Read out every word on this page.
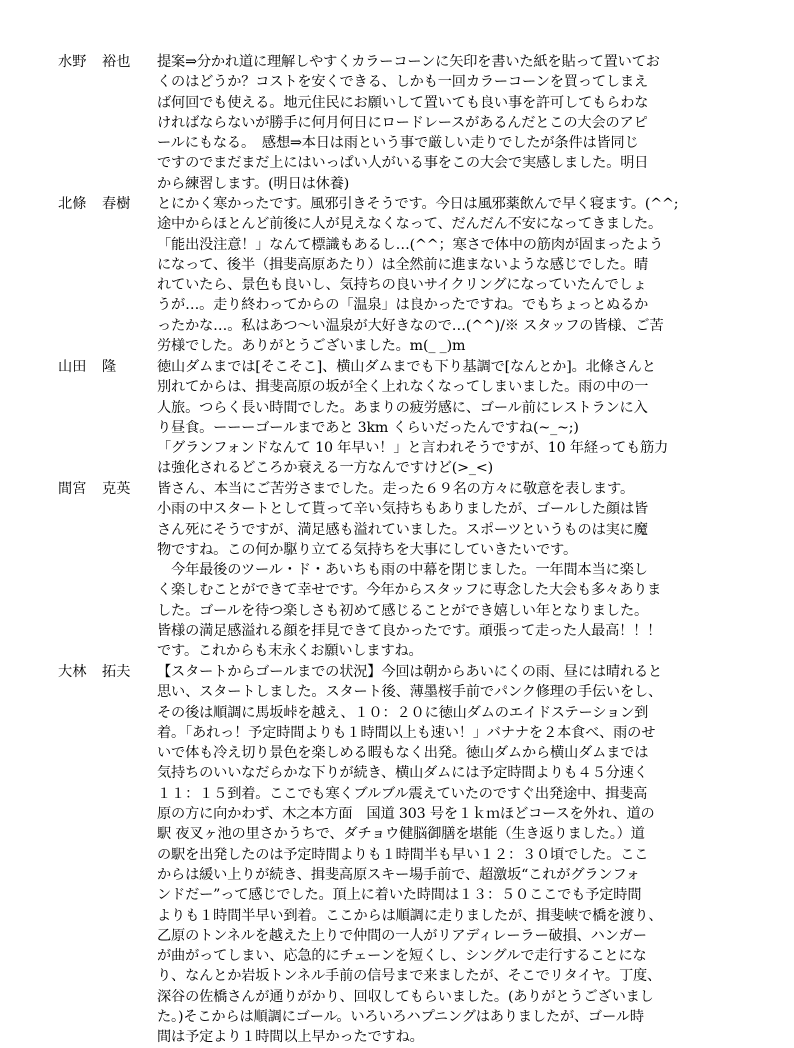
水野 裕也	提案⇒分かれ道に理解しやすくカラーコーンに矢印を書いた紙を貼って置いてお
くのはどうか？コストを安くできる、しかも一回カラーコーンを買ってしまえ
ば何回でも使える。地元住民にお願いして置いても良い事を許可してもらわな
ければならないが勝手に何月何日にロードレースがあるんだとこの大会のアピ
ールにもなる。　感想⇒本日は雨という事で厳しい走りでしたが条件は皆同じ
ですのでまだまだ上にはいっぱい人がいる事をこの大会で実感しました。明日
から練習します。(明日は休養)
北條 春樹	とにかく寒かったです。風邪引きそうです。今日は風邪薬飲んで早く寝ます。(^^;
途中からほとんど前後に人が見えなくなって、だんだん不安になってきました。
「能出没注意！」なんて標識もあるし…(^^；寒さで体中の筋肉が固まったよう
になって、後半（揖斐高原あたり）は全然前に進まないような感じでした。晴
れていたら、景色も良いし、気持ちの良いサイクリングになっていたんでしょ
うが…。走り終わってからの「温泉」は良かったですね。でもちょっとぬるか
ったかな…。私はあつ～い温泉が大好きなので…(^^)/※ スタッフの皆様、ご苦
労様でした。ありがとうございました。m(_ _)m
山田 隆	徳山ダムまでは[そこそこ]、横山ダムまでも下り基調で[なんとか]。北條さんと
別れてからは、揖斐高原の坂が全く上れなくなってしまいました。雨の中の一
人旅。つらく長い時間でした。あまりの疲労感に、ゴール前にレストランに入
り昼食。ーーーゴールまであと 3km くらいだったんですね(~_~;)
「グランフォンドなんて 10 年早い！」と言われそうですが、10 年経っても筋力
は強化されるどころか衰える一方なんですけど(>_<)
間宮 克英	皆さん、本当にご苦労さまでした。走った６９名の方々に敬意を表します。
小雨の中スタートとして貰って辛い気持ちもありましたが、ゴールした顔は皆
さん死にそうですが、満足感も溢れていました。スポーツというものは実に魔
物ですね。この何か駆り立てる気持ちを大事にしていきたいです。
　今年最後のツール・ド・あいちも雨の中幕を閉じました。一年間本当に楽し
く楽しむことができて幸せです。今年からスタッフに専念した大会も多々ありま
した。ゴールを待つ楽しさも初めて感じることができ嬉しい年となりました。
皆様の満足感溢れる顔を拝見できて良かったです。頑張って走った人最高！！！
です。これからも末永くお願いしますね。
大林 拓夫	【スタートからゴールまでの状況】今回は朝からあいにくの雨、昼には晴れると
思い、スタートしました。スタート後、薄墨桜手前でパンク修理の手伝いをし、
その後は順調に馬坂峠を越え、１０：２０に徳山ダムのエイドステーション到
着。「あれっ！予定時間よりも１時間以上も速い！」バナナを２本食べ、雨のせ
いで体も冷え切り景色を楽しめる暇もなく出発。徳山ダムから横山ダムまでは
気持ちのいいなだらかな下りが続き、横山ダムには予定時間よりも４５分速く
１１：１５到着。ここでも寒くブルブル震えていたのですぐ出発途中、揖斐高
原の方に向かわず、木之本方面　国道 303 号を１ｋｍほどコースを外れ、道の
駅 夜叉ヶ池の里さかうちで、ダチョウ健脳御膳を堪能（生き返りました。）道
の駅を出発したのは予定時間よりも１時間半も早い１２：３０頃でした。ここ
からは緩い上りが続き、揖斐高原スキー場手前で、超激坂“これがグランフォ
ンドだー”って感じでした。頂上に着いた時間は１３：５０ここでも予定時間
よりも１時間半早い到着。ここからは順調に走りましたが、揖斐峡で橋を渡り、
乙原のトンネルを越えた上りで仲間の一人がリアディレーラー破損、ハンガー
が曲がってしまい、応急的にチェーンを短くし、シングルで走行することにな
り、なんとか岩坂トンネル手前の信号まで来ましたが、そこでリタイヤ。丁度、
深谷の佐橋さんが通りがかり、回収してもらいました。(ありがとうございまし
た。)そこからは順調にゴール。いろいろハプニングはありましたが、ゴール時
間は予定より１時間以上早かったですね。
